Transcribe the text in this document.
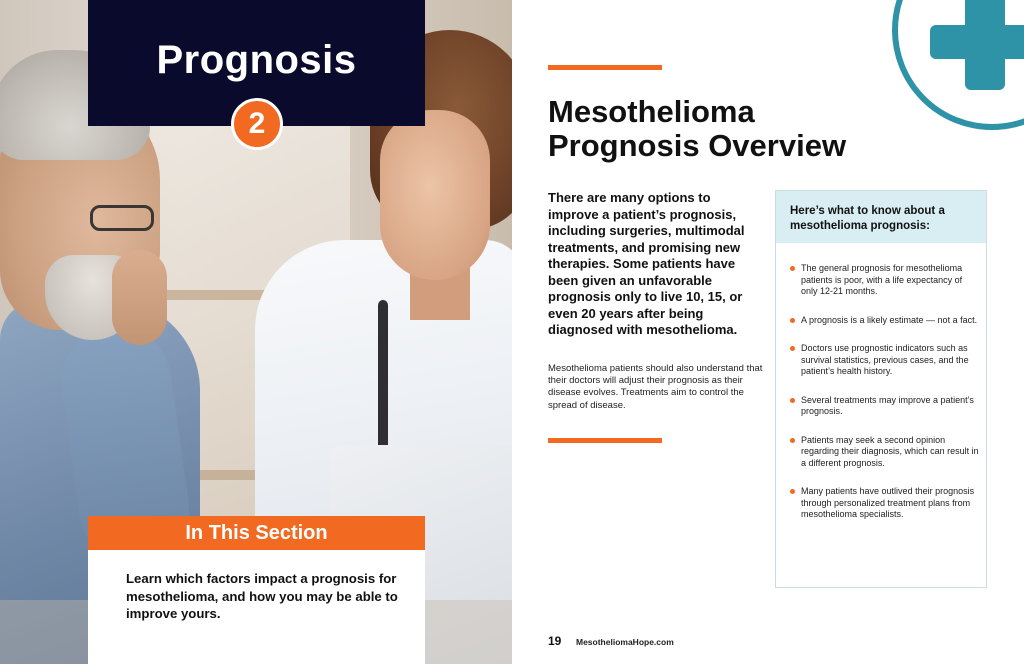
Prognosis
2
In This Section
Learn which factors impact a prognosis for mesothelioma, and how you may be able to improve yours.
Mesothelioma
Prognosis Overview
There are many options to improve a patient’s prognosis, including surgeries, multimodal treatments, and promising new therapies. Some patients have been given an unfavorable prognosis only to live 10, 15, or even 20 years after being diagnosed with mesothelioma.
Mesothelioma patients should also understand that their doctors will adjust their prognosis as their disease evolves. Treatments aim to control the spread of disease.
Here’s what to know about a mesothelioma prognosis:
The general prognosis for mesothelioma patients is poor, with a life expectancy of only 12-21 months.
A prognosis is a likely estimate — not a fact.
Doctors use prognostic indicators such as survival statistics, previous cases, and the patient’s health history.
Several treatments may improve a patient’s prognosis.
Patients may seek a second opinion regarding their diagnosis, which can result in a different prognosis.
Many patients have outlived their prognosis through personalized treatment plans from mesothelioma specialists.
19 MesotheliomaHope.com
